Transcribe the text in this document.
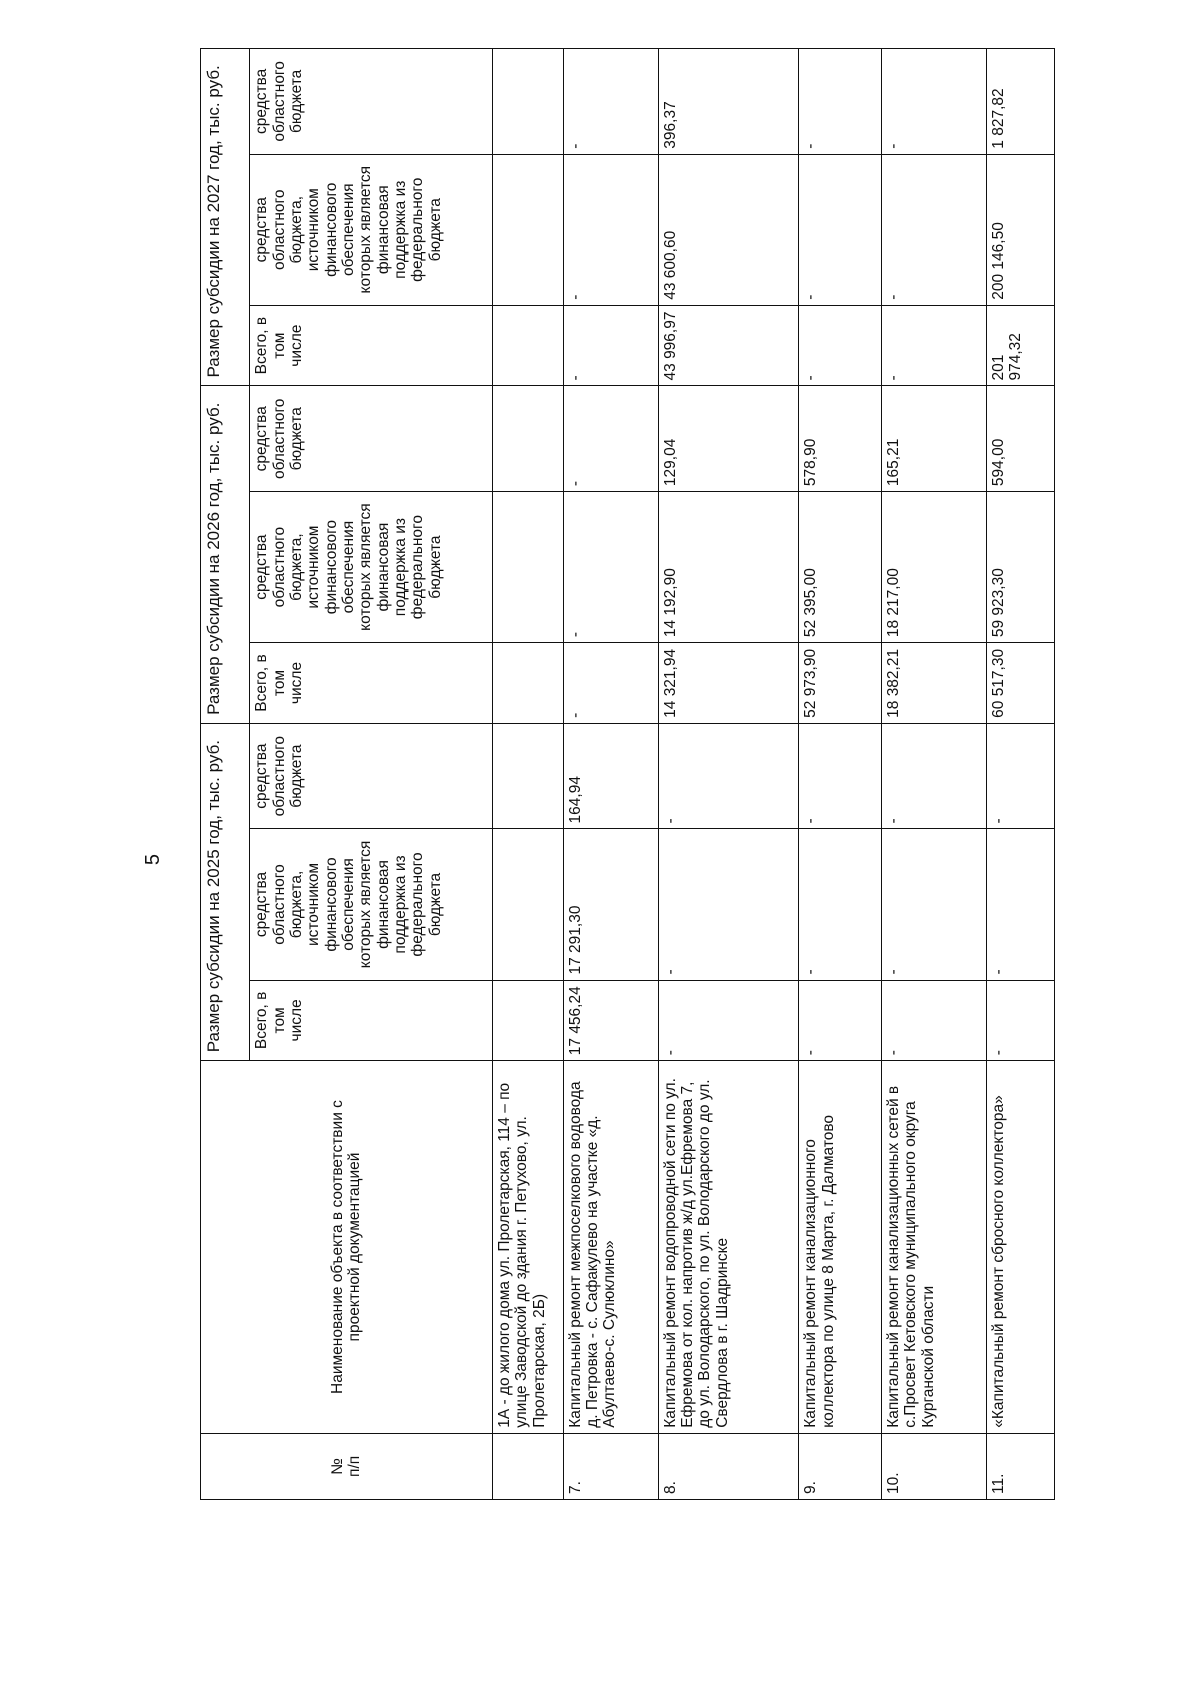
5
№
п/п	Наименование объекта в соответствии с проектной документацией	Размер субсидии на 2025 год, тыс. руб.			Размер субсидии на 2026 год, тыс. руб.			Размер субсидии на 2027 год, тыс. руб.		
		Всего, в том числе	средства областного бюджета, источником финансового обеспечения которых является финансовая поддержка из федерального бюджета	средства областного бюджета	Всего, в том числе	средства областного бюджета, источником финансового обеспечения которых является финансовая поддержка из федерального бюджета	средства областного бюджета	Всего, в том числе	средства областного бюджета, источником финансового обеспечения которых является финансовая поддержка из федерального бюджета	средства областного бюджета
	1А - до жилого дома ул. Пролетарская, 114 – по улице Заводской до здания г. Петухово, ул. Пролетарская, 2Б)									
7.	Капитальный ремонт межпоселкового водовода д. Петровка - с. Сафакулево на участке «д. Абултаево-с. Сулюклино»	17 456,24	17 291,30	164,94	-	-	-	-	-	-
8.	Капитальный ремонт водопроводной сети по ул. Ефремова от кол. напротив ж/д ул.Ефремова 7, до ул. Володарского, по ул. Володарского до ул. Свердлова в г. Шадринске	-	-	-	14 321,94	14 192,90	129,04	43 996,97	43 600,60	396,37
9.	Капитальный ремонт канализационного коллектора по улице 8 Марта, г. Далматово	-	-	-	52 973,90	52 395,00	578,90	-	-	-
10.	Капитальный ремонт канализационных сетей в с.Просвет Кетовского муниципального округа Курганской области	-	-	-	18 382,21	18 217,00	165,21	-	-	-
11.	«Капитальный ремонт сбросного коллектора»	-	-	-	60 517,30	59 923,30	594,00	201 974,32	200 146,50	1 827,82
